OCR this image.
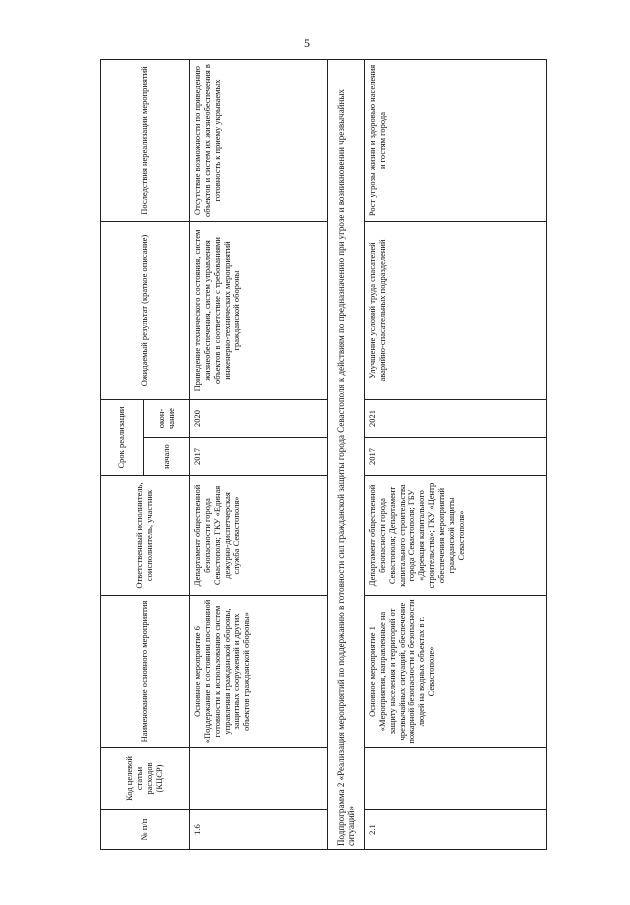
5
№ п/п	Код целевой статьи расходов (КЦСР)	Наименование основного мероприятия	Ответственный исполнитель, соисполнитель, участник	Срок реализации		Ожидаемый результат (краткое описание)	Последствия нереализации мероприятий
				начало	окон-чание		
1.6		Основное мероприятие 6 «Поддержание в состоянии постоянной готовности к использованию систем управления гражданской обороны, защитных сооружений и других объектов гражданской обороны»	Департамент общественной безопасности города Севастополя; ГКУ «Единая дежурно-диспетчерская служба Севастополя»	2017	2020	Приведение технического состояния, систем жизнеобеспечения, систем управления объектов в соответствие с требованиями инженерно-технических мероприятий гражданской обороны	Отсутствие возможности по приведению объектов и систем их жизнеобеспечения в готовность к приему укрываемых
Подпрограмма 2 «Реализация мероприятий по поддержанию в готовности сил гражданской защиты города Севастополя к действиям по предназначению при угрозе и возникновении чрезвычайных ситуаций»							
2.1		Основное мероприятие 1 «Мероприятия, направленные на защиту населения и территорий от чрезвычайных ситуаций, обеспечение пожарной безопасности и безопасности людей на водных объектах в г. Севастополе»	Департамент общественной безопасности города Севастополя; Департамент капитального строительства города Севастополя; ГБУ «Дирекция капитального строительства»; ГКУ «Центр обеспечения мероприятий гражданской защиты Севастополя»	2017	2021	Улучшение условий труда спасателей аварийно-спасательных подразделений	Рост угрозы жизни и здоровью населения и гостям города
